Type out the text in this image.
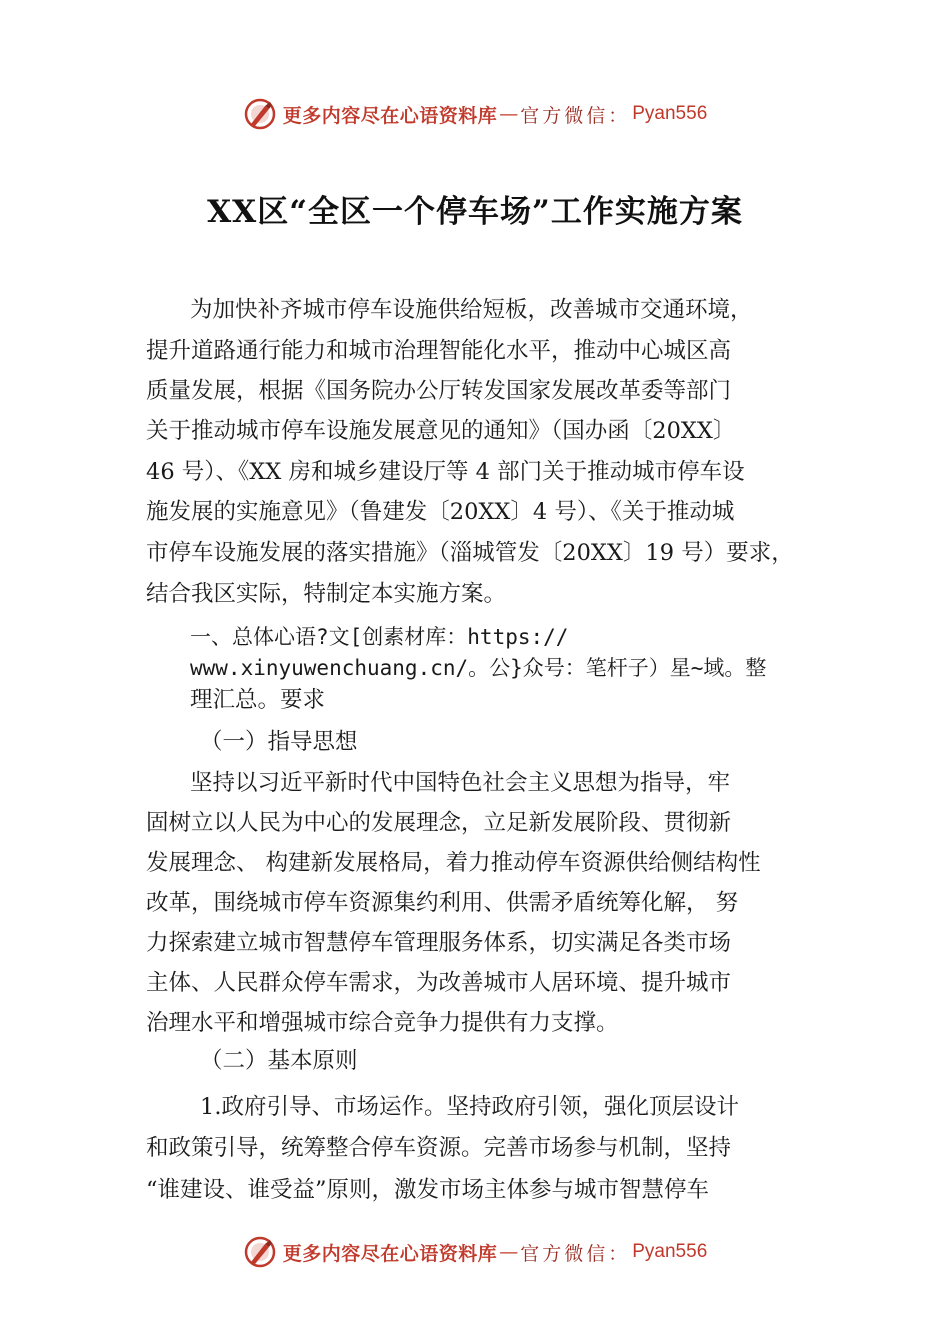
更多内容尽在心语资料库 — 官方微信： Pyan556
XX区“全区一个停车场”工作实施方案

为加快补齐城市停车设施供给短板，改善城市交通环境，

提升道路通行能力和城市治理智能化水平，推动中心城区高

质量发展，根据《国务院办公厅转发国家发展改革委等部门

关于推动城市停车设施发展意见的通知》（国办函〔20XX〕

46 号）、《XX 房和城乡建设厅等 4 部门关于推动城市停车设

施发展的实施意见》（鲁建发〔20XX〕4 号）、《关于推动城

市停车设施发展的落实措施》（淄城管发〔20XX〕19 号）要求，

结合我区实际，特制定本实施方案。

一、总体心语?文[创素材库：https://

www.xinyuwenchuang.cn/。公}众号：笔杆子）星~域。整

理汇总。要求

（一）指导思想

坚持以习近平新时代中国特色社会主义思想为指导，牢

固树立以人民为中心的发展理念，立足新发展阶段、贯彻新

发展理念、 构建新发展格局，着力推动停车资源供给侧结构性

改革，围绕城市停车资源集约利用、供需矛盾统筹化解， 努

力探索建立城市智慧停车管理服务体系，切实满足各类市场

主体、人民群众停车需求，为改善城市人居环境、提升城市

治理水平和增强城市综合竞争力提供有力支撑。

（二）基本原则

1.政府引导、市场运作。坚持政府引领，强化顶层设计

和政策引导，统筹整合停车资源。完善市场参与机制，坚持

“谁建设、谁受益”原则，激发市场主体参与城市智慧停车

更多内容尽在心语资料库 — 官方微信： Pyan556
